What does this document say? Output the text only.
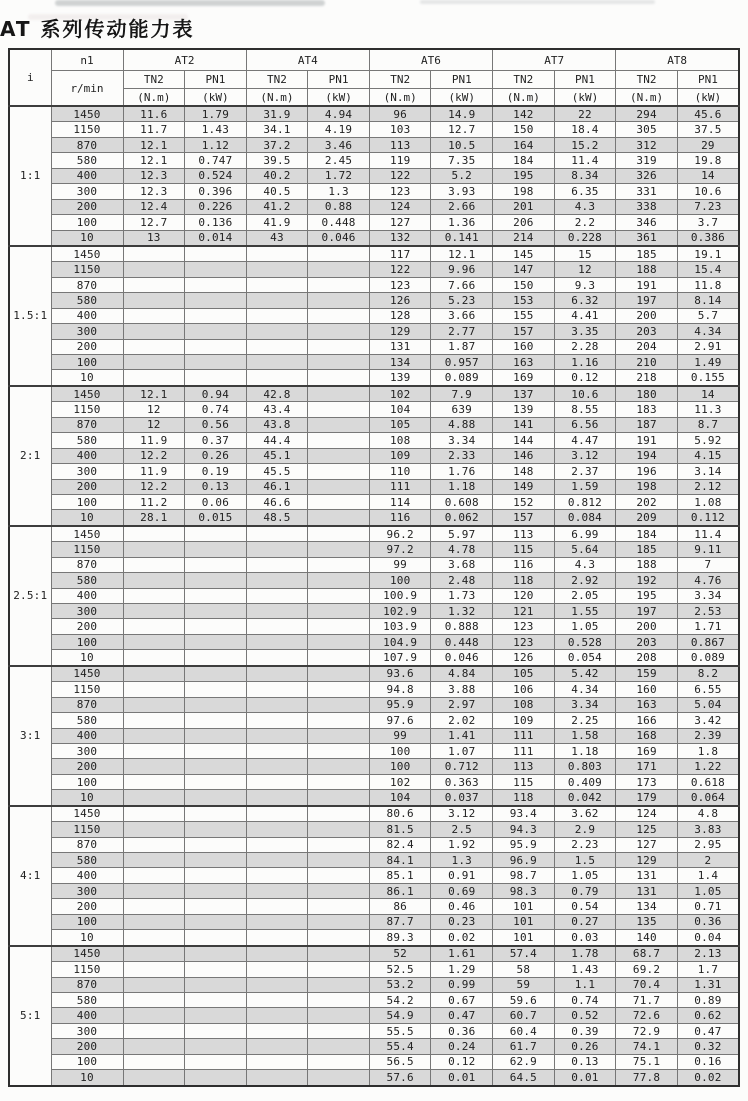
AT 系列传动能力表
i	n1	AT2		AT4		AT6		AT7		AT8	
	r/min	TN2	PN1	TN2	PN1	TN2	PN1	TN2	PN1	TN2	PN1
		(N.m)	(kW)	(N.m)	(kW)	(N.m)	(kW)	(N.m)	(kW)	(N.m)	(kW)
1:1	1450	11.6	1.79	31.9	4.94	96	14.9	142	22	294	45.6
	1150	11.7	1.43	34.1	4.19	103	12.7	150	18.4	305	37.5
	870	12.1	1.12	37.2	3.46	113	10.5	164	15.2	312	29
	580	12.1	0.747	39.5	2.45	119	7.35	184	11.4	319	19.8
	400	12.3	0.524	40.2	1.72	122	5.2	195	8.34	326	14
	300	12.3	0.396	40.5	1.3	123	3.93	198	6.35	331	10.6
	200	12.4	0.226	41.2	0.88	124	2.66	201	4.3	338	7.23
	100	12.7	0.136	41.9	0.448	127	1.36	206	2.2	346	3.7
	10	13	0.014	43	0.046	132	0.141	214	0.228	361	0.386
1.5:1	1450					117	12.1	145	15	185	19.1
	1150					122	9.96	147	12	188	15.4
	870					123	7.66	150	9.3	191	11.8
	580					126	5.23	153	6.32	197	8.14
	400					128	3.66	155	4.41	200	5.7
	300					129	2.77	157	3.35	203	4.34
	200					131	1.87	160	2.28	204	2.91
	100					134	0.957	163	1.16	210	1.49
	10					139	0.089	169	0.12	218	0.155
2:1	1450	12.1	0.94	42.8		102	7.9	137	10.6	180	14
	1150	12	0.74	43.4		104	639	139	8.55	183	11.3
	870	12	0.56	43.8		105	4.88	141	6.56	187	8.7
	580	11.9	0.37	44.4		108	3.34	144	4.47	191	5.92
	400	12.2	0.26	45.1		109	2.33	146	3.12	194	4.15
	300	11.9	0.19	45.5		110	1.76	148	2.37	196	3.14
	200	12.2	0.13	46.1		111	1.18	149	1.59	198	2.12
	100	11.2	0.06	46.6		114	0.608	152	0.812	202	1.08
	10	28.1	0.015	48.5		116	0.062	157	0.084	209	0.112
2.5:1	1450					96.2	5.97	113	6.99	184	11.4
	1150					97.2	4.78	115	5.64	185	9.11
	870					99	3.68	116	4.3	188	7
	580					100	2.48	118	2.92	192	4.76
	400					100.9	1.73	120	2.05	195	3.34
	300					102.9	1.32	121	1.55	197	2.53
	200					103.9	0.888	123	1.05	200	1.71
	100					104.9	0.448	123	0.528	203	0.867
	10					107.9	0.046	126	0.054	208	0.089
3:1	1450					93.6	4.84	105	5.42	159	8.2
	1150					94.8	3.88	106	4.34	160	6.55
	870					95.9	2.97	108	3.34	163	5.04
	580					97.6	2.02	109	2.25	166	3.42
	400					99	1.41	111	1.58	168	2.39
	300					100	1.07	111	1.18	169	1.8
	200					100	0.712	113	0.803	171	1.22
	100					102	0.363	115	0.409	173	0.618
	10					104	0.037	118	0.042	179	0.064
4:1	1450					80.6	3.12	93.4	3.62	124	4.8
	1150					81.5	2.5	94.3	2.9	125	3.83
	870					82.4	1.92	95.9	2.23	127	2.95
	580					84.1	1.3	96.9	1.5	129	2
	400					85.1	0.91	98.7	1.05	131	1.4
	300					86.1	0.69	98.3	0.79	131	1.05
	200					86	0.46	101	0.54	134	0.71
	100					87.7	0.23	101	0.27	135	0.36
	10					89.3	0.02	101	0.03	140	0.04
5:1	1450					52	1.61	57.4	1.78	68.7	2.13
	1150					52.5	1.29	58	1.43	69.2	1.7
	870					53.2	0.99	59	1.1	70.4	1.31
	580					54.2	0.67	59.6	0.74	71.7	0.89
	400					54.9	0.47	60.7	0.52	72.6	0.62
	300					55.5	0.36	60.4	0.39	72.9	0.47
	200					55.4	0.24	61.7	0.26	74.1	0.32
	100					56.5	0.12	62.9	0.13	75.1	0.16
	10					57.6	0.01	64.5	0.01	77.8	0.02
